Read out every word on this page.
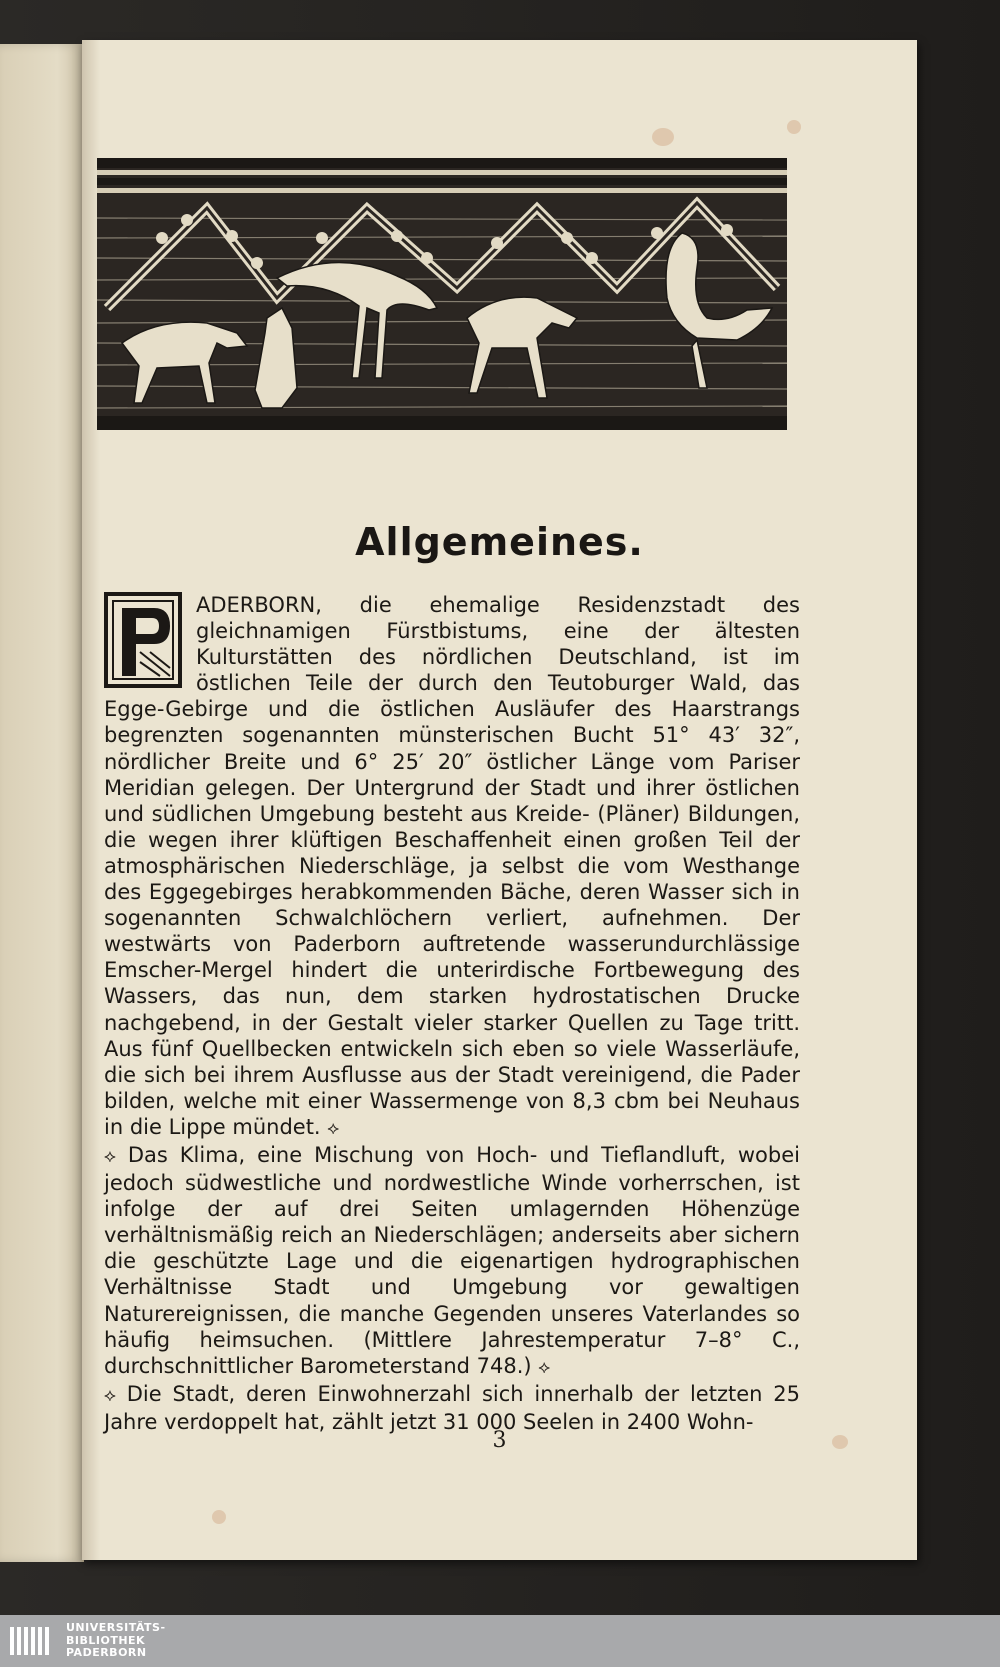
Allgemeines.

ADERBORN, die ehemalige Residenzstadt des gleichnamigen Fürstbistums, eine der ältesten Kulturstätten des nördlichen Deutschland, ist im östlichen Teile der durch den Teutoburger Wald, das Egge-Gebirge und die östlichen Ausläufer des Haarstrangs begrenzten sogenannten münsterischen Bucht 51° 43′ 32″, nördlicher Breite und 6° 25′ 20″ östlicher Länge vom Pariser Meridian gelegen. Der Untergrund der Stadt und ihrer östlichen und südlichen Umgebung besteht aus Kreide- (Pläner) Bildungen, die wegen ihrer klüftigen Beschaffenheit einen großen Teil der atmosphärischen Niederschläge, ja selbst die vom Westhange des Eggegebirges herabkommenden Bäche, deren Wasser sich in sogenannten Schwalchlöchern verliert, aufnehmen. Der westwärts von Paderborn auftretende wasserundurchlässige Emscher-Mergel hindert die unterirdische Fortbewegung des Wassers, das nun, dem starken hydrostatischen Drucke nachgebend, in der Gestalt vieler starker Quellen zu Tage tritt. Aus fünf Quellbecken entwickeln sich eben so viele Wasserläufe, die sich bei ihrem Ausflusse aus der Stadt vereinigend, die Pader bilden, welche mit einer Wassermenge von 8,3 cbm bei Neuhaus in die Lippe mündet. ⟡

⟡ Das Klima, eine Mischung von Hoch- und Tieflandluft, wobei jedoch südwestliche und nordwestliche Winde vorherrschen, ist infolge der auf drei Seiten umlagernden Höhenzüge verhältnismäßig reich an Niederschlägen; anderseits aber sichern die geschützte Lage und die eigenartigen hydrographischen Verhältnisse Stadt und Umgebung vor gewaltigen Naturereignissen, die manche Gegenden unseres Vaterlandes so häufig heimsuchen. (Mittlere Jahrestemperatur 7–8° C., durchschnittlicher Barometerstand 748.) ⟡

⟡ Die Stadt, deren Einwohnerzahl sich innerhalb der letzten 25 Jahre verdoppelt hat, zählt jetzt 31 000 Seelen in 2400 Wohn-

3
UNIVERSITÄTS-
BIBLIOTHEK
PADERBORN
